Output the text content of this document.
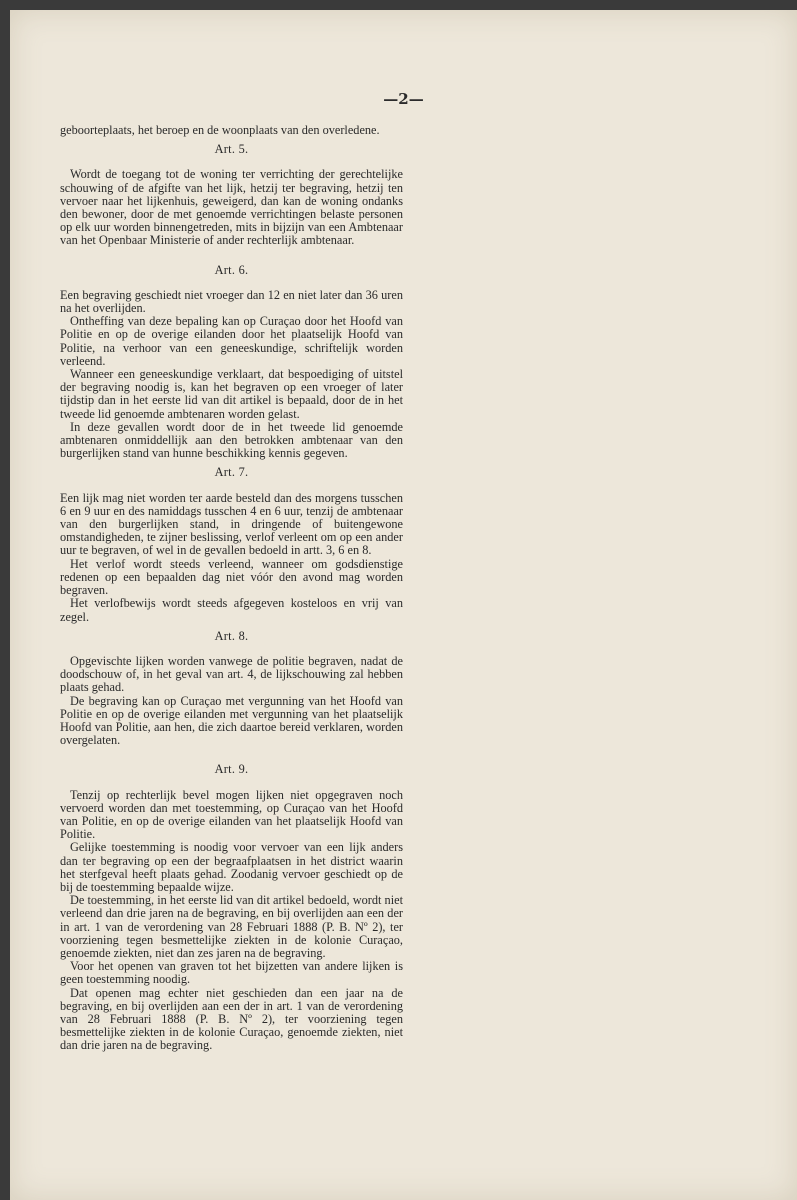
—2—

geboorteplaats, het beroep en de woonplaats van den overledene.

Art. 5.

Wordt de toegang tot de woning ter verrichting der gerechtelijke schouwing of de afgifte van het lijk, hetzij ter begraving, hetzij ten vervoer naar het lijkenhuis, geweigerd, dan kan de woning ondanks den bewoner, door de met genoemde verrichtingen belaste personen op elk uur worden binnengetreden, mits in bijzijn van een Ambtenaar van het Openbaar Ministerie of ander rechterlijk ambtenaar.

Art. 6.

Een begraving geschiedt niet vroeger dan 12 en niet later dan 36 uren na het overlijden.

Ontheffing van deze bepaling kan op Curaçao door het Hoofd van Politie en op de overige eilanden door het plaatselijk Hoofd van Politie, na verhoor van een geneeskundige, schriftelijk worden verleend.

Wanneer een geneeskundige verklaart, dat bespoediging of uitstel der begraving noodig is, kan het begraven op een vroeger of later tijdstip dan in het eerste lid van dit artikel is bepaald, door de in het tweede lid genoemde ambtenaren worden gelast.

In deze gevallen wordt door de in het tweede lid genoemde ambtenaren onmiddellijk aan den betrokken ambtenaar van den burgerlijken stand van hunne beschikking kennis gegeven.

Art. 7.

Een lijk mag niet worden ter aarde besteld dan des morgens tusschen 6 en 9 uur en des namiddags tusschen 4 en 6 uur, tenzij de ambtenaar van den burgerlijken stand, in dringende of buitengewone omstandigheden, te zijner beslissing, verlof verleent om op een ander uur te begraven, of wel in de gevallen bedoeld in artt. 3, 6 en 8.

Het verlof wordt steeds verleend, wanneer om godsdienstige redenen op een bepaalden dag niet vóór den avond mag worden begraven.

Het verlofbewijs wordt steeds afgegeven kosteloos en vrij van zegel.

Art. 8.

Opgevischte lijken worden vanwege de politie begraven, nadat de doodschouw of, in het geval van art. 4, de lijkschouwing zal hebben plaats gehad.

De begraving kan op Curaçao met vergunning van het Hoofd van Politie en op de overige eilanden met vergunning van het plaatselijk Hoofd van Politie, aan hen, die zich daartoe bereid verklaren, worden overgelaten.

Art. 9.

Tenzij op rechterlijk bevel mogen lijken niet opgegraven noch vervoerd worden dan met toestemming, op Curaçao van het Hoofd van Politie, en op de overige eilanden van het plaatselijk Hoofd van Politie.

Gelijke toestemming is noodig voor vervoer van een lijk anders dan ter begraving op een der begraafplaatsen in het district waarin het sterfgeval heeft plaats gehad. Zoodanig vervoer geschiedt op de bij de toestemming bepaalde wijze.

De toestemming, in het eerste lid van dit artikel bedoeld, wordt niet verleend dan drie jaren na de begraving, en bij overlijden aan een der in art. 1 van de verordening van 28 Februari 1888 (P. B. Nº 2), ter voorziening tegen besmettelijke ziekten in de kolonie Curaçao, genoemde ziekten, niet dan zes jaren na de begraving.

Voor het openen van graven tot het bijzetten van andere lijken is geen toestemming noodig.

Dat openen mag echter niet geschieden dan een jaar na de begraving, en bij overlijden aan een der in art. 1 van de verordening van 28 Februari 1888 (P. B. Nº 2), ter voorziening tegen besmettelijke ziekten in de kolonie Curaçao, genoemde ziekten, niet dan drie jaren na de begraving.
